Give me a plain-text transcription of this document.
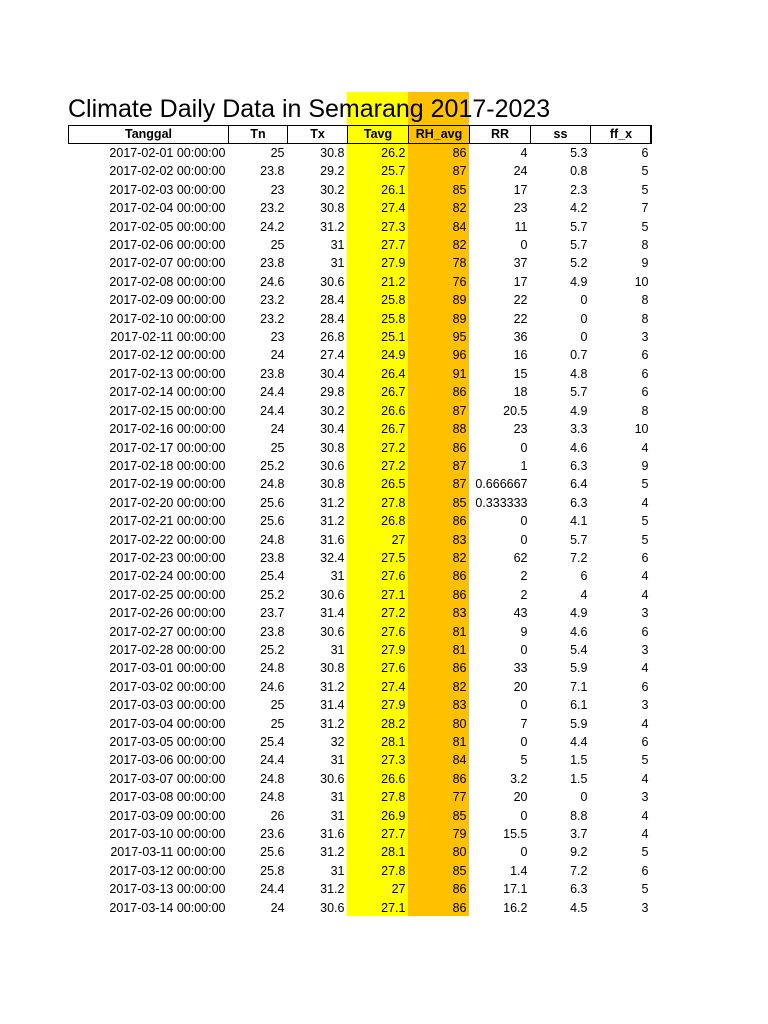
Climate Daily Data in Semarang 2017-2023
Tanggal	Tn	Tx	Tavg	RH_avg	RR	ss	ff_x
2017-02-01 00:00:00	25	30.8	26.2	86	4	5.3	6
2017-02-02 00:00:00	23.8	29.2	25.7	87	24	0.8	5
2017-02-03 00:00:00	23	30.2	26.1	85	17	2.3	5
2017-02-04 00:00:00	23.2	30.8	27.4	82	23	4.2	7
2017-02-05 00:00:00	24.2	31.2	27.3	84	11	5.7	5
2017-02-06 00:00:00	25	31	27.7	82	0	5.7	8
2017-02-07 00:00:00	23.8	31	27.9	78	37	5.2	9
2017-02-08 00:00:00	24.6	30.6	21.2	76	17	4.9	10
2017-02-09 00:00:00	23.2	28.4	25.8	89	22	0	8
2017-02-10 00:00:00	23.2	28.4	25.8	89	22	0	8
2017-02-11 00:00:00	23	26.8	25.1	95	36	0	3
2017-02-12 00:00:00	24	27.4	24.9	96	16	0.7	6
2017-02-13 00:00:00	23.8	30.4	26.4	91	15	4.8	6
2017-02-14 00:00:00	24.4	29.8	26.7	86	18	5.7	6
2017-02-15 00:00:00	24.4	30.2	26.6	87	20.5	4.9	8
2017-02-16 00:00:00	24	30.4	26.7	88	23	3.3	10
2017-02-17 00:00:00	25	30.8	27.2	86	0	4.6	4
2017-02-18 00:00:00	25.2	30.6	27.2	87	1	6.3	9
2017-02-19 00:00:00	24.8	30.8	26.5	87	0.666667	6.4	5
2017-02-20 00:00:00	25.6	31.2	27.8	85	0.333333	6.3	4
2017-02-21 00:00:00	25.6	31.2	26.8	86	0	4.1	5
2017-02-22 00:00:00	24.8	31.6	27	83	0	5.7	5
2017-02-23 00:00:00	23.8	32.4	27.5	82	62	7.2	6
2017-02-24 00:00:00	25.4	31	27.6	86	2	6	4
2017-02-25 00:00:00	25.2	30.6	27.1	86	2	4	4
2017-02-26 00:00:00	23.7	31.4	27.2	83	43	4.9	3
2017-02-27 00:00:00	23.8	30.6	27.6	81	9	4.6	6
2017-02-28 00:00:00	25.2	31	27.9	81	0	5.4	3
2017-03-01 00:00:00	24.8	30.8	27.6	86	33	5.9	4
2017-03-02 00:00:00	24.6	31.2	27.4	82	20	7.1	6
2017-03-03 00:00:00	25	31.4	27.9	83	0	6.1	3
2017-03-04 00:00:00	25	31.2	28.2	80	7	5.9	4
2017-03-05 00:00:00	25.4	32	28.1	81	0	4.4	6
2017-03-06 00:00:00	24.4	31	27.3	84	5	1.5	5
2017-03-07 00:00:00	24.8	30.6	26.6	86	3.2	1.5	4
2017-03-08 00:00:00	24.8	31	27.8	77	20	0	3
2017-03-09 00:00:00	26	31	26.9	85	0	8.8	4
2017-03-10 00:00:00	23.6	31.6	27.7	79	15.5	3.7	4
2017-03-11 00:00:00	25.6	31.2	28.1	80	0	9.2	5
2017-03-12 00:00:00	25.8	31	27.8	85	1.4	7.2	6
2017-03-13 00:00:00	24.4	31.2	27	86	17.1	6.3	5
2017-03-14 00:00:00	24	30.6	27.1	86	16.2	4.5	3
